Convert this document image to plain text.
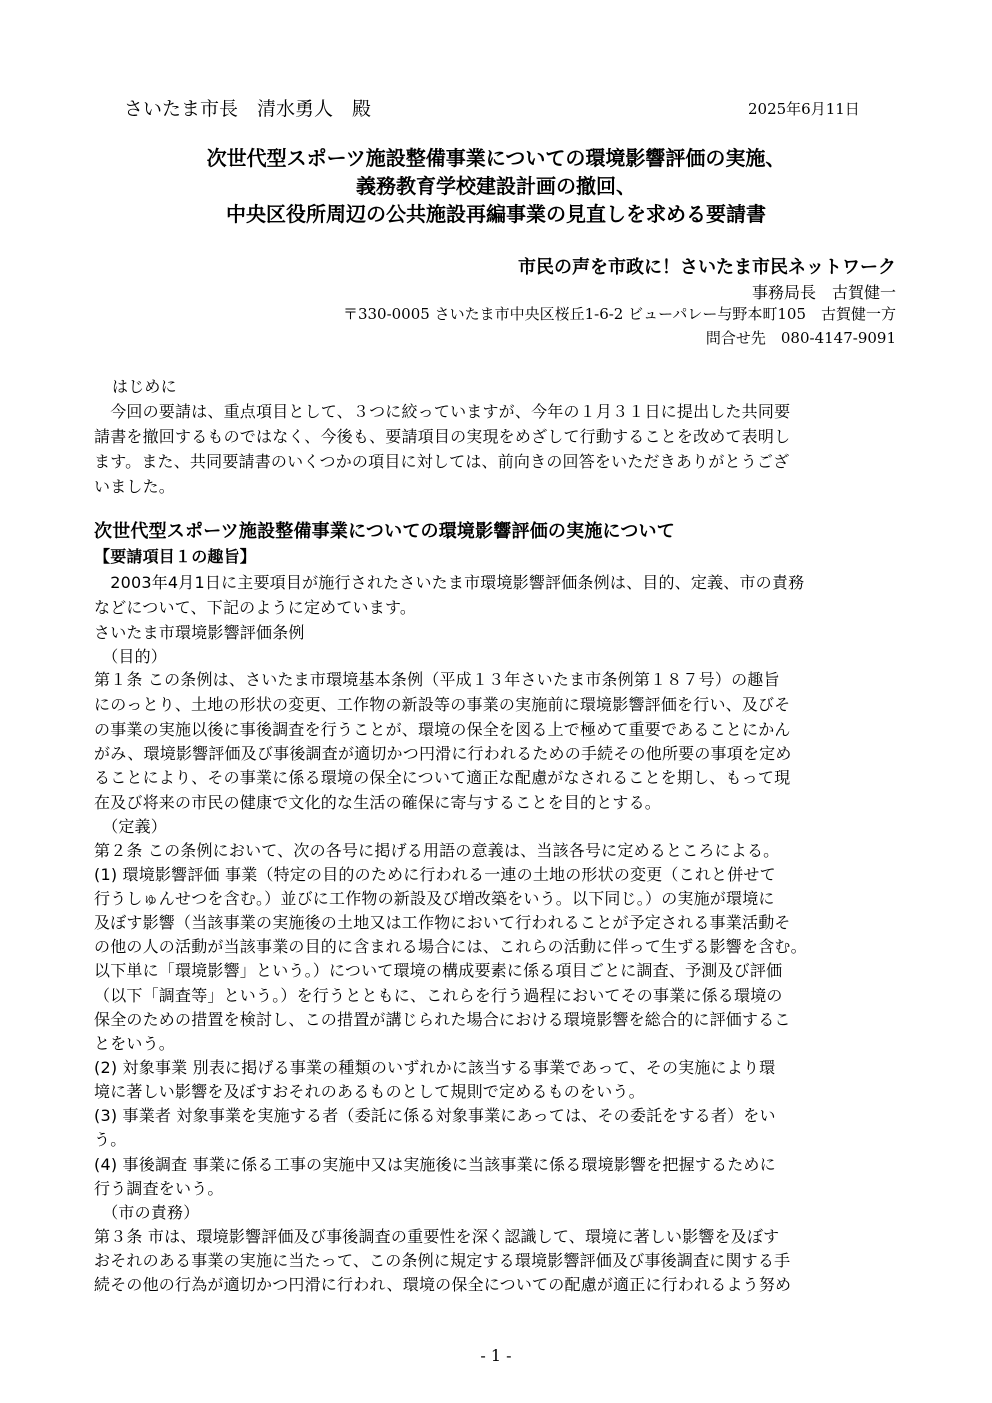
さいたま市長　清水勇人　殿	2025年6月11日
次世代型スポーツ施設整備事業についての環境影響評価の実施、
義務教育学校建設計画の撤回、
中央区役所周辺の公共施設再編事業の見直しを求める要請書
市民の声を市政に！さいたま市民ネットワーク
事務局長　古賀健一
〒330-0005 さいたま市中央区桜丘1-6-2 ビューパレー与野本町105　古賀健一方
問合せ先　080-4147-9091
はじめに
　今回の要請は、重点項目として、３つに絞っていますが、今年の１月３１日に提出した共同要
請書を撤回するものではなく、今後も、要請項目の実現をめざして行動することを改めて表明し
ます。また、共同要請書のいくつかの項目に対しては、前向きの回答をいただきありがとうござ
いました。
次世代型スポーツ施設整備事業についての環境影響評価の実施について
【要請項目１の趣旨】
　2003年4月1日に主要項目が施行されたさいたま市環境影響評価条例は、目的、定義、市の責務
などについて、下記のように定めています。
さいたま市環境影響評価条例
　（目的）
第１条 この条例は、さいたま市環境基本条例（平成１３年さいたま市条例第１８７号）の趣旨
にのっとり、土地の形状の変更、工作物の新設等の事業の実施前に環境影響評価を行い、及びそ
の事業の実施以後に事後調査を行うことが、環境の保全を図る上で極めて重要であることにかん
がみ、環境影響評価及び事後調査が適切かつ円滑に行われるための手続その他所要の事項を定め
ることにより、その事業に係る環境の保全について適正な配慮がなされることを期し、もって現
在及び将来の市民の健康で文化的な生活の確保に寄与することを目的とする。
　（定義）
第２条 この条例において、次の各号に掲げる用語の意義は、当該各号に定めるところによる。
(1) 環境影響評価 事業（特定の目的のために行われる一連の土地の形状の変更（これと併せて
行うしゅんせつを含む。）並びに工作物の新設及び増改築をいう。以下同じ。）の実施が環境に
及ぼす影響（当該事業の実施後の土地又は工作物において行われることが予定される事業活動そ
の他の人の活動が当該事業の目的に含まれる場合には、これらの活動に伴って生ずる影響を含む。
以下単に「環境影響」という。）について環境の構成要素に係る項目ごとに調査、予測及び評価
（以下「調査等」という。）を行うとともに、これらを行う過程においてその事業に係る環境の
保全のための措置を検討し、この措置が講じられた場合における環境影響を総合的に評価するこ
とをいう。
(2) 対象事業 別表に掲げる事業の種類のいずれかに該当する事業であって、その実施により環
境に著しい影響を及ぼすおそれのあるものとして規則で定めるものをいう。
(3) 事業者 対象事業を実施する者（委託に係る対象事業にあっては、その委託をする者）をい
う。
(4) 事後調査 事業に係る工事の実施中又は実施後に当該事業に係る環境影響を把握するために
行う調査をいう。
　（市の責務）
第３条 市は、環境影響評価及び事後調査の重要性を深く認識して、環境に著しい影響を及ぼす
おそれのある事業の実施に当たって、この条例に規定する環境影響評価及び事後調査に関する手
続その他の行為が適切かつ円滑に行われ、環境の保全についての配慮が適正に行われるよう努め
- 1 -
